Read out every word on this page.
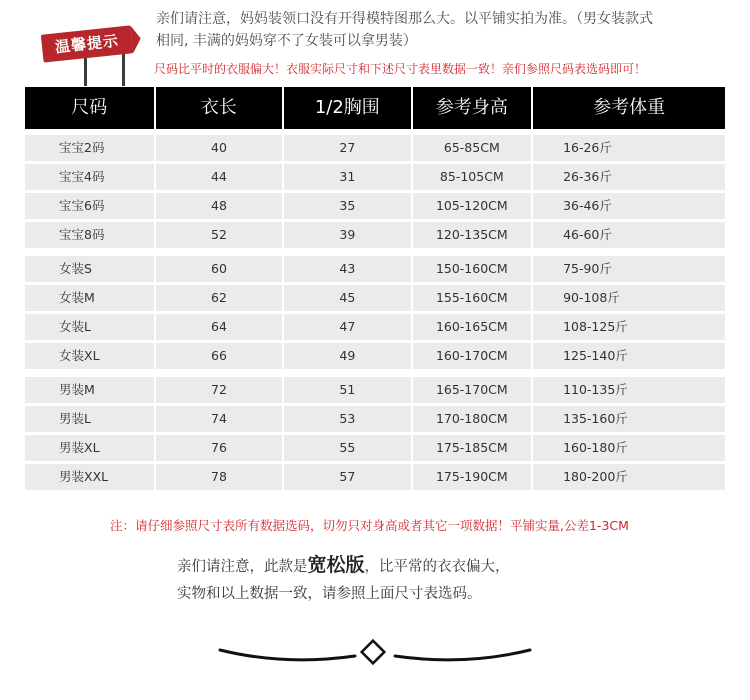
温馨提示
亲们请注意，妈妈装领口没有开得模特图那么大。以平铺实拍为准。（男女装款式
相同, 丰满的妈妈穿不了女装可以拿男装）
尺码比平时的衣服偏大！衣服实际尺寸和下述尺寸表里数据一致！亲们参照尺码表选码即可！
尺码	衣长	1/2胸围	参考身高	参考体重
宝宝2码	40	27	65-85CM	16-26斤
宝宝4码	44	31	85-105CM	26-36斤
宝宝6码	48	35	105-120CM	36-46斤
宝宝8码	52	39	120-135CM	46-60斤
女装S	60	43	150-160CM	75-90斤
女装M	62	45	155-160CM	90-108斤
女装L	64	47	160-165CM	108-125斤
女装XL	66	49	160-170CM	125-140斤
男装M	72	51	165-170CM	110-135斤
男装L	74	53	170-180CM	135-160斤
男装XL	76	55	175-185CM	160-180斤
男装XXL	78	57	175-190CM	180-200斤
注：请仔细参照尺寸表所有数据选码，切勿只对身高或者其它一项数据！平铺实量,公差1-3CM
亲们请注意，此款是宽松版，比平常的衣衣偏大，
实物和以上数据一致，请参照上面尺寸表选码。
